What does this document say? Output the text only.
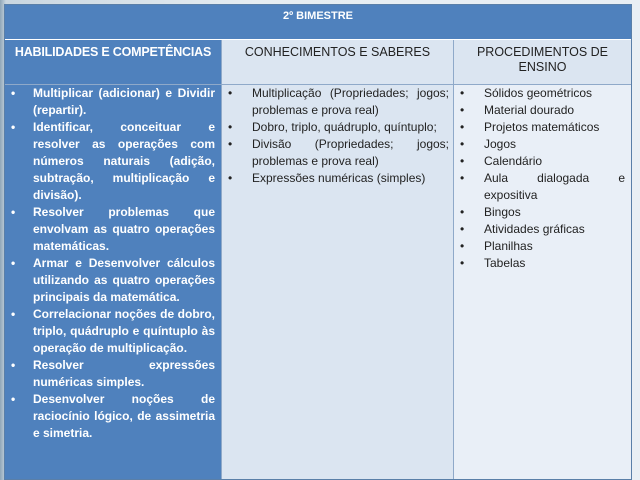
2º BIMESTRE
HABILIDADES E COMPETÊNCIAS	CONHECIMENTOS E SABERES	PROCEDIMENTOS DE ENSINO
• Multiplicar (adicionar) e Dividir (repartir).
• Identificar, conceituar e resolver as operações com números naturais (adição, subtração, multiplicação e divisão).
• Resolver problemas que envolvam as quatro operações matemáticas.
• Armar e Desenvolver cálculos utilizando as quatro operações principais da matemática.
• Correlacionar noções de dobro, triplo, quádruplo e quíntuplo às operação de multiplicação.
• Resolver expressões numéricas simples.
• Desenvolver noções de raciocínio lógico, de assimetria e simetria.
• Multiplicação (Propriedades; jogos; problemas e prova real)
• Dobro, triplo, quádruplo, quíntuplo;
• Divisão (Propriedades; jogos; problemas e prova real)
• Expressões numéricas (simples)
• Sólidos geométricos
• Material dourado
• Projetos matemáticos
• Jogos
• Calendário
• Aula dialogada e expositiva
• Bingos
• Atividades gráficas
• Planilhas
• Tabelas
